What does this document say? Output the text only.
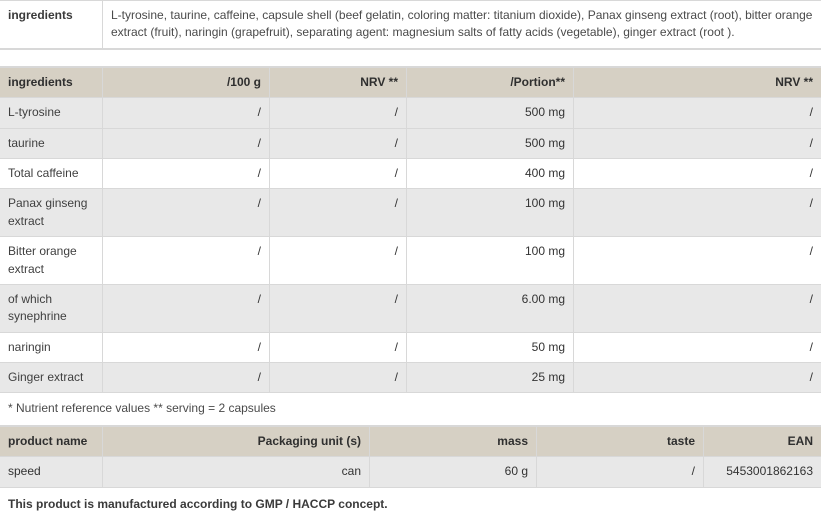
ingredients	L-tyrosine, taurine, caffeine, capsule shell (beef gelatin, coloring matter: titanium dioxide), Panax ginseng extract (root), bitter orange extract (fruit), naringin (grapefruit), separating agent: magnesium salts of fatty acids (vegetable), ginger extract (root ).
ingredients	/100 g	NRV **	/Portion**	NRV **
L-tyrosine	/	/	500 mg	/
taurine	/	/	500 mg	/
Total caffeine	/	/	400 mg	/
Panax ginseng extract	/	/	100 mg	/
Bitter orange extract	/	/	100 mg	/
of which synephrine	/	/	6.00 mg	/
naringin	/	/	50 mg	/
Ginger extract	/	/	25 mg	/
* Nutrient reference values ** serving = 2 capsules				
product name	Packaging unit (s)	mass	taste	EAN
speed	can	60 g	/	5453001862163
This product is manufactured according to GMP / HACCP concept.				
